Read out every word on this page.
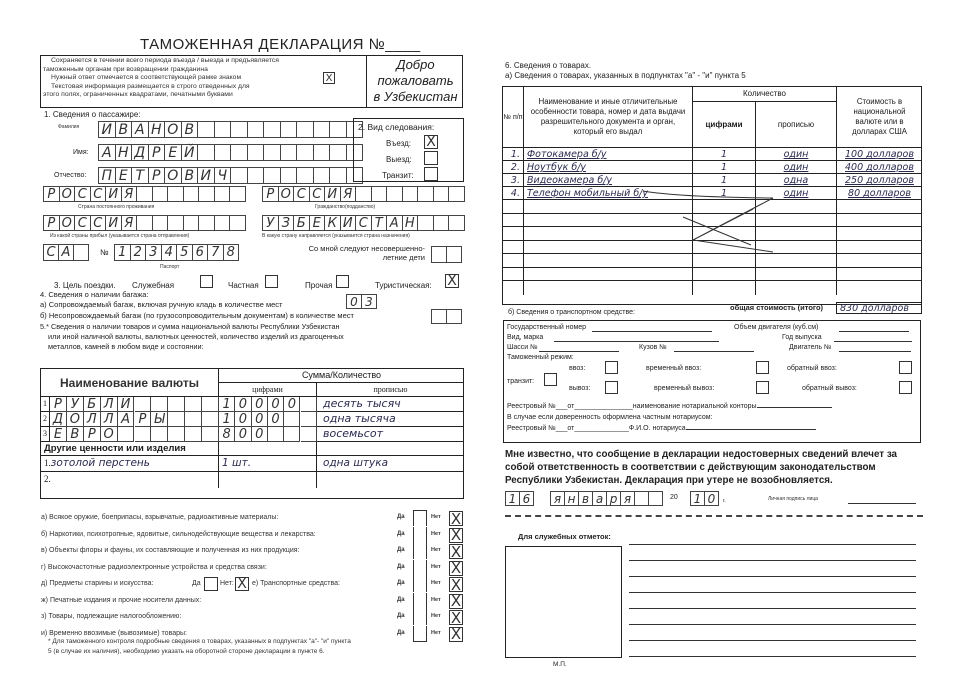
ТАМОЖЕННАЯ ДЕКЛАРАЦИЯ №____
Сохраняется в течении всего периода въезда / выезда и предъявляется
таможенным органам при возвращении гражданина
Нужный ответ отмечается в соответствующей рамке знаком
Текстовая информация размещается в строго отведенных для
этого полях, ограниченных квадратами, печатными буквами
X
Добро
пожаловать
в Узбекистан
1. Сведения о пассажире:
Фамилия И В А Н О В
Имя: А Н Д Р Е Й
Отчество: П Е Т Р О В И Ч
2. Вид следования:
Въезд: X
Выезд:
Транзит:
Р О С С И Я
Страна постоянного проживания
Р О С С И Я
Гражданство(подданство)
Р О С С И Я
Из какой страны прибыл (указывается страна отправления)
У З Б Е К И С Т А Н
В какую страну направляется (указывается страна назначения)
С А	№ 1 2 3 4 5 6 7 8
Паспорт
Со мной следуют несовершенно-
летние дети
3. Цель поездки. Служебная	Частная	Прочая	Туристическая: X
4. Сведения о наличии багажа:
а) Сопровождаемый багаж, включая ручную кладь в количестве мест	0 3
б) Несопровождаемый багаж (по грузосопроводительным документам) в количестве мест
5.* Сведения о наличии товаров и сумма национальной валюты Республики Узбекистан
или иной наличной валюты, валютных ценностей, количество изделий из драгоценных
металлов, камней в любом виде и состоянии:
Наименование валюты
Сумма/Количество
цифрами	прописью
1 Р У Б Л И	1 0 0 0 0	десять тысяч
2 Д О Л Л А Р Ы	1 0 0 0	одна тысяча
3 Е В Р О	8 0 0	восемьсот
Другие ценности или изделия
1.зотолой перстень	1 шт.	одна штука
2.
а) Всякое оружие, боеприпасы, взрывчатые, радиоактивные материалы:	Да	Нет X
б) Наркотики, психотропные, ядовитые, сильнодействующие вещества и лекарства:	Да	Нет X
в) Объекты флоры и фауны, их составляющие и полученная из них продукция:	Да	Нет X
г) Высокочастотные радиоэлектронные устройства и средства связи:	Да	Нет X
д) Предметы старины и искусства:	Да	Нет: X е) Транспортные средства:	Да	Нет X
ж) Печатные издания и прочие носители данных:	Да	Нет X
з) Товары, подлежащие налогообложению:	Да	Нет X
и) Временно ввозимые (вывозимые) товары:	Да	Нет X
* Для таможенного контроля подробные сведения о товарах, указанных в подпунктах "а"- "и" пункта
5 (в случае их наличия), необходимо указать на оборотной стороне декларации в пункте 6.
6. Сведения о товарах.
а) Сведения о товарах, указанных в подпунктах "а" - "и" пункта 5
№ п/п
Наименование и иные отличительные особенности товара, номер и дата выдачи разрешительного документа и орган, который его выдал
Количество
цифрами	прописью
Стоимость в национальной валюте или в долларах США
1. Фотокамера б/у	1	один	100 долларов
2. Ноутбук б/у	1	один	400 долларов
3. Видеокамера б/у	1	одна	250 долларов
4. Телефон мобильный б/у	1	один	80 долларов
общая стоимость (итого)	830 долларов
б) Сведения о транспортном средстве:
Государственный номер	Объем двигателя (куб.см)
Вид, марка	Год выпуска
Шасси №	Кузов №	Двигатель №
Таможенный режим:
ввоз:	временный ввоз:	обратный ввоз:
транзит:
вывоз:	временный вывоз:	обратный вывоз:
Реестровый №___от_______________наименование нотариальной конторы
В случае если доверенность оформлена частным нотариусом:
Реестровый №___от______________Ф.И.О. нотариуса
Мне известно, что сообщение в декларации недостоверных сведений влечет за
собой ответственность в соответствии с действующим законодательством
Республики Узбекистан. Декларация при утере не возобновляется.
1 6	я н в а р я	20 1 0	г.	Личная подпись лица
Для служебных отметок:
М.П.
